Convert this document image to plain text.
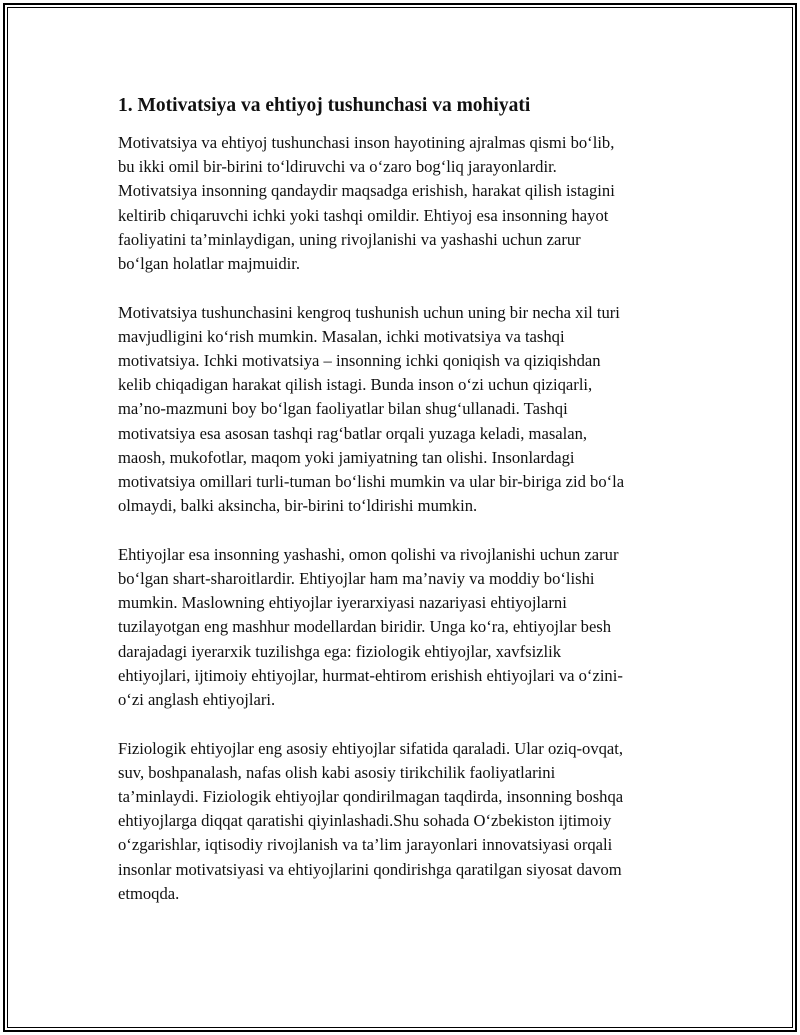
1. Motivatsiya va ehtiyoj tushunchasi va mohiyati

Motivatsiya va ehtiyoj tushunchasi inson hayotining ajralmas qismi bo‘lib,
bu ikki omil bir-birini to‘ldiruvchi va o‘zaro bog‘liq jarayonlardir.
Motivatsiya insonning qandaydir maqsadga erishish, harakat qilish istagini
keltirib chiqaruvchi ichki yoki tashqi omildir. Ehtiyoj esa insonning hayot
faoliyatini ta’minlaydigan, uning rivojlanishi va yashashi uchun zarur
bo‘lgan holatlar majmuidir.

Motivatsiya tushunchasini kengroq tushunish uchun uning bir necha xil turi
mavjudligini ko‘rish mumkin. Masalan, ichki motivatsiya va tashqi
motivatsiya. Ichki motivatsiya – insonning ichki qoniqish va qiziqishdan
kelib chiqadigan harakat qilish istagi. Bunda inson o‘zi uchun qiziqarli,
ma’no-mazmuni boy bo‘lgan faoliyatlar bilan shug‘ullanadi. Tashqi
motivatsiya esa asosan tashqi rag‘batlar orqali yuzaga keladi, masalan,
maosh, mukofotlar, maqom yoki jamiyatning tan olishi. Insonlardagi
motivatsiya omillari turli-tuman bo‘lishi mumkin va ular bir-biriga zid bo‘la
olmaydi, balki aksincha, bir-birini to‘ldirishi mumkin.

Ehtiyojlar esa insonning yashashi, omon qolishi va rivojlanishi uchun zarur
bo‘lgan shart-sharoitlardir. Ehtiyojlar ham ma’naviy va moddiy bo‘lishi
mumkin. Maslowning ehtiyojlar iyerarxiyasi nazariyasi ehtiyojlarni
tuzilayotgan eng mashhur modellardan biridir. Unga ko‘ra, ehtiyojlar besh
darajadagi iyerarxik tuzilishga ega: fiziologik ehtiyojlar, xavfsizlik
ehtiyojlari, ijtimoiy ehtiyojlar, hurmat-ehtirom erishish ehtiyojlari va o‘zini-
o‘zi anglash ehtiyojlari.

Fiziologik ehtiyojlar eng asosiy ehtiyojlar sifatida qaraladi. Ular oziq-ovqat,
suv, boshpanalash, nafas olish kabi asosiy tirikchilik faoliyatlarini
ta’minlaydi. Fiziologik ehtiyojlar qondirilmagan taqdirda, insonning boshqa
ehtiyojlarga diqqat qaratishi qiyinlashadi.Shu sohada O‘zbekiston ijtimoiy
o‘zgarishlar, iqtisodiy rivojlanish va ta’lim jarayonlari innovatsiyasi orqali
insonlar motivatsiyasi va ehtiyojlarini qondirishga qaratilgan siyosat davom
etmoqda.
